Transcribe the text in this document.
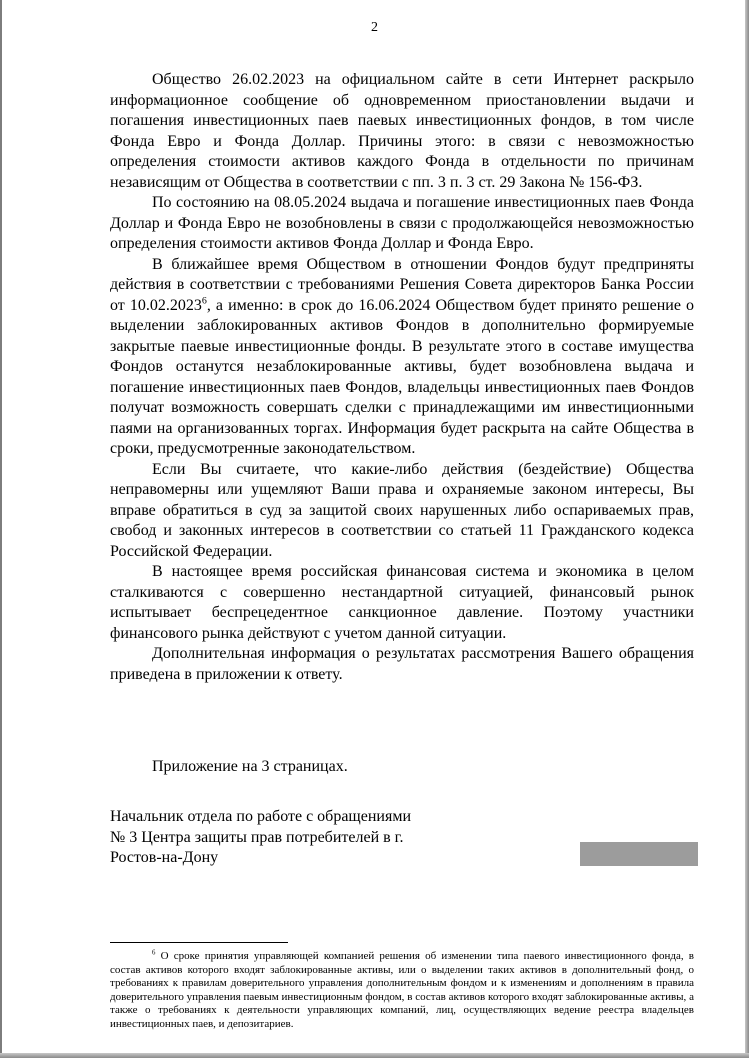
2

Общество 26.02.2023 на официальном сайте в сети Интернет раскрыло информационное сообщение об одновременном приостановлении выдачи и погашения инвестиционных паев паевых инвестиционных фондов, в том числе Фонда Евро и Фонда Доллар. Причины этого: в связи с невозможностью определения стоимости активов каждого Фонда в отдельности по причинам независящим от Общества в соответствии с пп. 3 п. 3 ст. 29 Закона № 156-ФЗ.

По состоянию на 08.05.2024 выдача и погашение инвестиционных паев Фонда Доллар и Фонда Евро не возобновлены в связи с продолжающейся невозможностью определения стоимости активов Фонда Доллар и Фонда Евро.

В ближайшее время Обществом в отношении Фондов будут предприняты действия в соответствии с требованиями Решения Совета директоров Банка России от 10.02.2023$^6$, а именно: в срок до 16.06.2024 Обществом будет принято решение о выделении заблокированных активов Фондов в дополнительно формируемые закрытые паевые инвестиционные фонды. В результате этого в составе имущества Фондов останутся незаблокированные активы, будет возобновлена выдача и погашение инвестиционных паев Фондов, владельцы инвестиционных паев Фондов получат возможность совершать сделки с принадлежащими им инвестиционными паями на организованных торгах. Информация будет раскрыта на сайте Общества в сроки, предусмотренные законодательством.

Если Вы считаете, что какие-либо действия (бездействие) Общества неправомерны или ущемляют Ваши права и охраняемые законом интересы, Вы вправе обратиться в суд за защитой своих нарушенных либо оспариваемых прав, свобод и законных интересов в соответствии со статьей 11 Гражданского кодекса Российской Федерации.

В настоящее время российская финансовая система и экономика в целом сталкиваются с совершенно нестандартной ситуацией, финансовый рынок испытывает беспрецедентное санкционное давление. Поэтому участники финансового рынка действуют с учетом данной ситуации.

Дополнительная информация о результатах рассмотрения Вашего обращения приведена в приложении к ответу.

Приложение на 3 страницах.
Начальник отдела по работе с обращениями
№ 3 Центра защиты прав потребителей в г.
Ростов-на-Дону
$^6$ О сроке принятия управляющей компанией решения об изменении типа паевого инвестиционного фонда, в состав активов которого входят заблокированные активы, или о выделении таких активов в дополнительный фонд, о требованиях к правилам доверительного управления дополнительным фондом и к изменениям и дополнениям в правила доверительного управления паевым инвестиционным фондом, в состав активов которого входят заблокированные активы, а также о требованиях к деятельности управляющих компаний, лиц, осуществляющих ведение реестра владельцев инвестиционных паев, и депозитариев.
